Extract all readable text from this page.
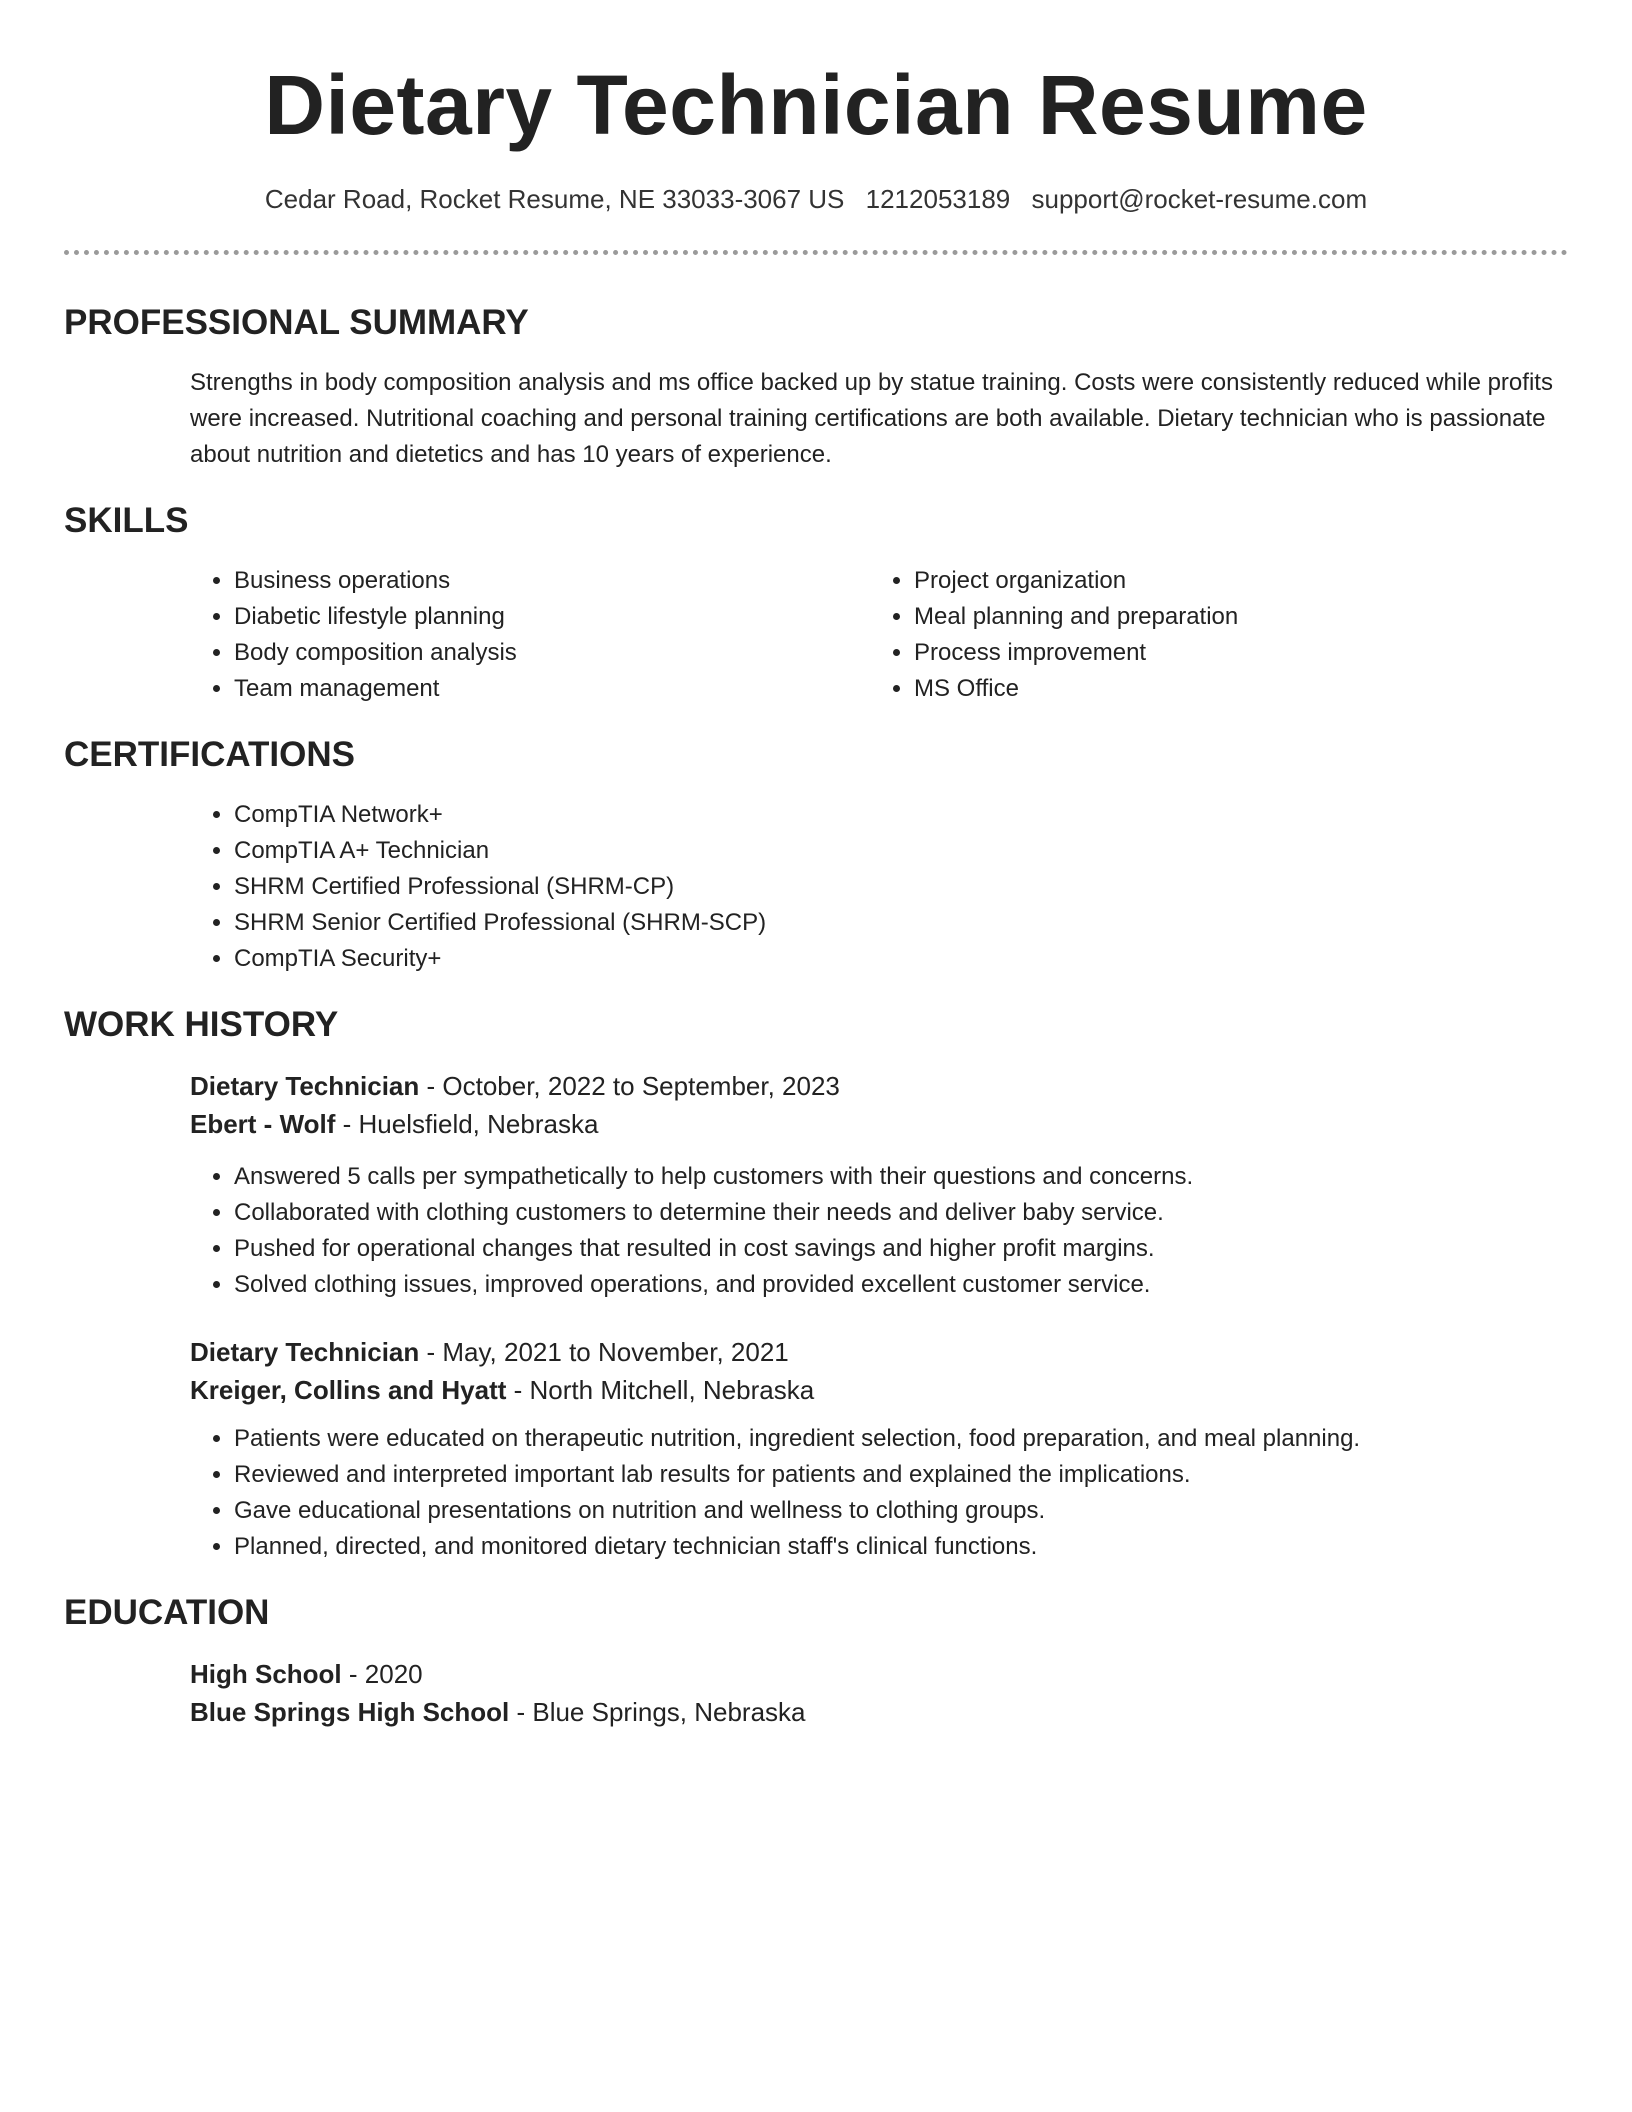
Dietary Technician Resume
Cedar Road, Rocket Resume, NE 33033-3067 US 1212053189 support@rocket-resume.com
PROFESSIONAL SUMMARY

Strengths in body composition analysis and ms office backed up by statue training. Costs were consistently reduced while profits were increased. Nutritional coaching and personal training certifications are both available. Dietary technician who is passionate about nutrition and dietetics and has 10 years of experience.

SKILLS
• Business operations
• Diabetic lifestyle planning
• Body composition analysis
• Team management
• Project organization
• Meal planning and preparation
• Process improvement
• MS Office
CERTIFICATIONS
• CompTIA Network+
• CompTIA A+ Technician
• SHRM Certified Professional (SHRM-CP)
• SHRM Senior Certified Professional (SHRM-SCP)
• CompTIA Security+
WORK HISTORY

Dietary Technician - October, 2022 to September, 2023

Ebert - Wolf - Huelsfield, Nebraska

• Answered 5 calls per sympathetically to help customers with their questions and concerns.
• Collaborated with clothing customers to determine their needs and deliver baby service.
• Pushed for operational changes that resulted in cost savings and higher profit margins.
• Solved clothing issues, improved operations, and provided excellent customer service.

Dietary Technician - May, 2021 to November, 2021

Kreiger, Collins and Hyatt - North Mitchell, Nebraska

• Patients were educated on therapeutic nutrition, ingredient selection, food preparation, and meal planning.
• Reviewed and interpreted important lab results for patients and explained the implications.
• Gave educational presentations on nutrition and wellness to clothing groups.
• Planned, directed, and monitored dietary technician staff's clinical functions.
EDUCATION

High School - 2020

Blue Springs High School - Blue Springs, Nebraska
